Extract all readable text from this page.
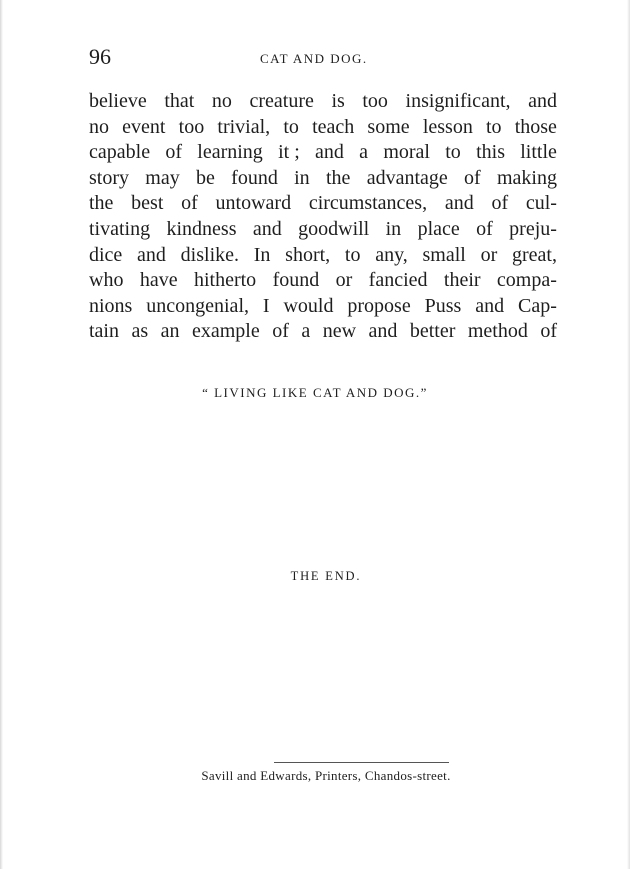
96	CAT AND DOG.

believe that no creature is too insignificant, and
no event too trivial, to teach some lesson to those
capable of learning it ; and a moral to this little
story may be found in the advantage of making
the best of untoward circumstances, and of cul-
tivating kindness and goodwill in place of preju-
dice and dislike. In short, to any, small or great,
who have hitherto found or fancied their compa-
nions uncongenial, I would propose Puss and Cap-
tain as an example of a new and better method of

“ LIVING LIKE CAT AND DOG.”

THE END.

Savill and Edwards, Printers, Chandos-street.
